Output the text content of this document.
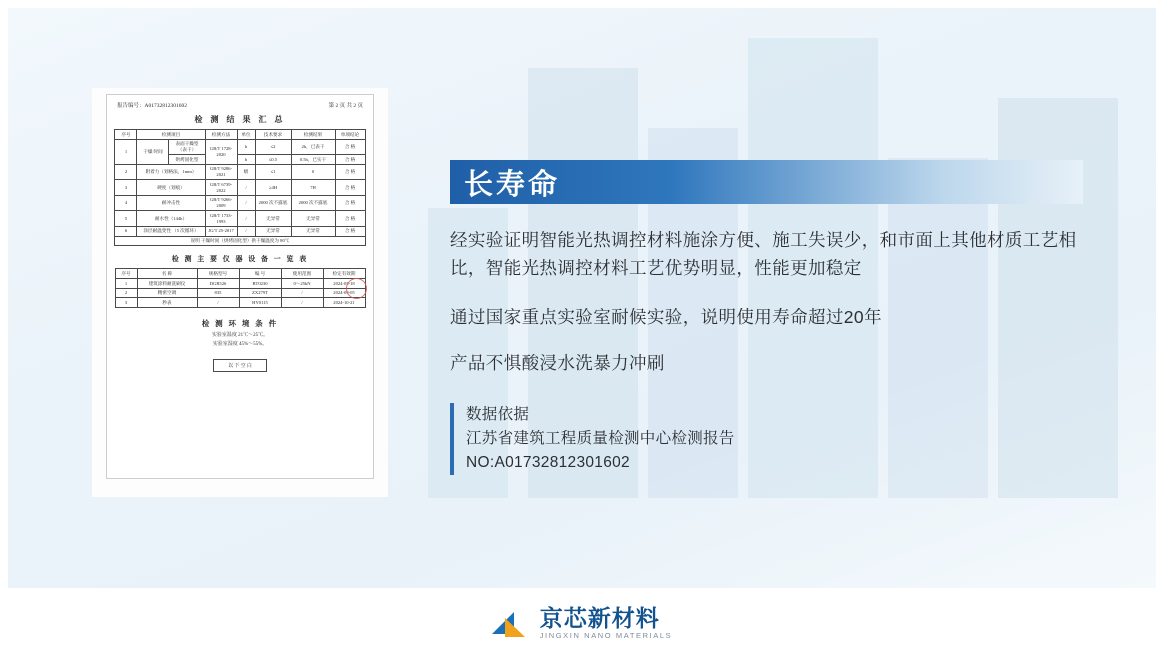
报告编号：A01732812301602	第 2 页 共 2 页
检 测 结 果 汇 总
序号	检测项目		检测方法	单位	技术要求	检测结果	单项结论
1	干燥 时间	表面干燥型 （表干）	GB/T 1728-2020	h	≤2	2h，已表干	合 格
		烘烤固化型		h	≤0.5	0.5h，已实干	合 格
2	附着力（划格法，1mm）		GB/T 9286-2021	级	≤1	0	合 格
3	硬度（划痕）		GB/T 6739-2022	/	≥4H	7H	合 格
4	耐冲击性		GB/T 9266-2009	/	2000 次不露底	2000 次不露底	合 格
5	耐水性（144h）		GB/T 1733-1993	/	无异常	无异常	合 格
6	涂层耐温变性 （5 次循环）		JG/T 25-2017	/	无异常	无异常	合 格
说明 干燥时间（烘烤固化型）供干燥温度为 80℃							
检 测 主 要 仪 器 设 备 一 览 表
序号	名 称	规格型号	编 号	使用范围	检定有效期
1	建筑涂料耐洗刷仪	DGR526	BT0230	0～25kN	2024-05-18
2	精密空调	835	ZX279T	/	2024-09-05
3	秒表	/	HY0115	/	2024-10-21
检 测 环 境 条 件
实验室温度 21℃～25℃。
实验室湿度 45%～55%。
以 下 空 白
长寿命
经实验证明智能光热调控材料施涂方便、施工失误少，和市面上其他材质工艺相比，智能光热调控材料工艺优势明显，性能更加稳定
通过国家重点实验室耐候实验，说明使用寿命超过20年
产品不惧酸浸水洗暴力冲刷
数据依据
江苏省建筑工程质量检测中心检测报告
NO:A01732812301602
京芯新材料
JINGXIN NANO MATERIALS
